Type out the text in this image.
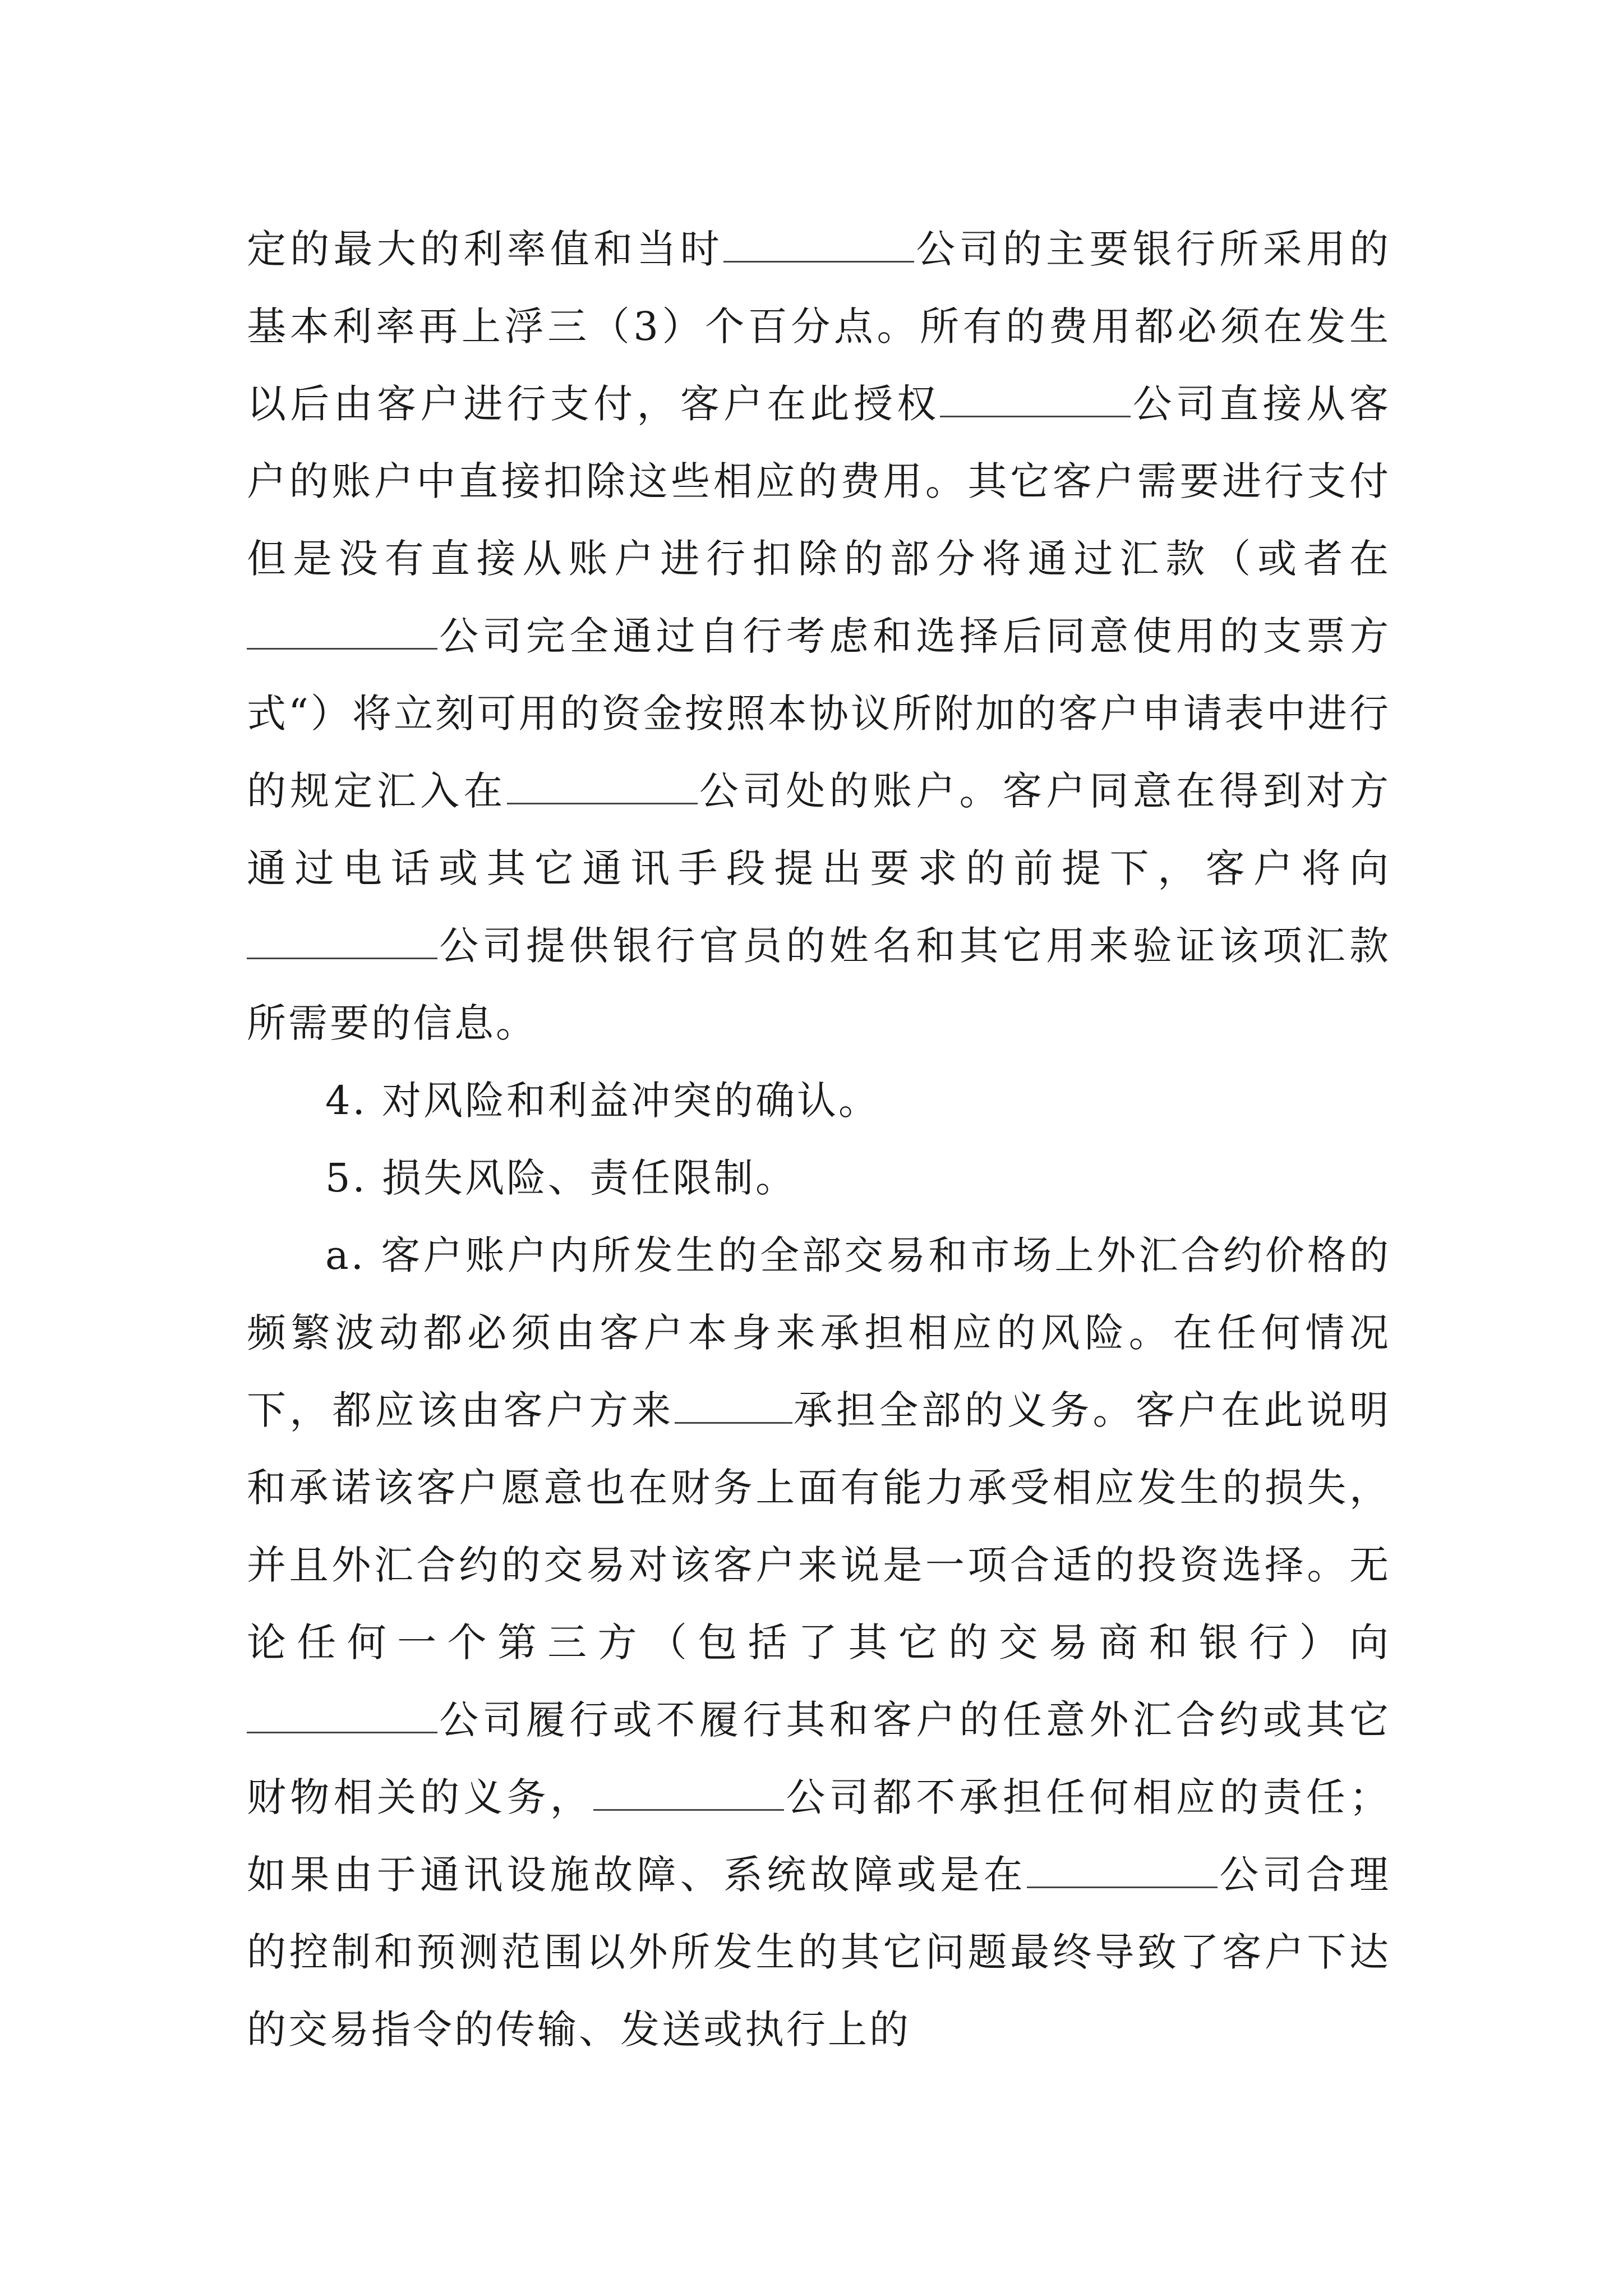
定的最大的利率值和当时	公司的主要银行所采用的基本利率再上浮三（3）个百分点。所有的费用都必须在发生以后由客户进行支付，客户在此授权	公司直接从客户的账户中直接扣除这些相应的费用。其它客户需要进行支付但是没有直接从账户进行扣除的部分将通过汇款（或者在公司完全通过自行考虑和选择后同意使用的支票方式“）将立刻可用的资金按照本协议所附加的客户申请表中进行的规定汇入在	公司处的账户。客户同意在得到对方通过电话或其它通讯手段提出要求的前提下，客户将向公司提供银行官员的姓名和其它用来验证该项汇款所需要的信息。

4. 对风险和利益冲突的确认。

5. 损失风险、责任限制。

a. 客户账户内所发生的全部交易和市场上外汇合约价格的频繁波动都必须由客户本身来承担相应的风险。在任何情况下，都应该由客户方来	承担全部的义务。客户在此说明和承诺该客户愿意也在财务上面有能力承受相应发生的损失，并且外汇合约的交易对该客户来说是一项合适的投资选择。无论任何一个第三方（包括了其它的交易商和银行）向公司履行或不履行其和客户的任意外汇合约或其它财物相关的义务，	公司都不承担任何相应的责任；如果由于通讯设施故障、系统故障或是在	公司合理的控制和预测范围以外所发生的其它问题最终导致了客户下达的交易指令的传输、发送或执行上的
